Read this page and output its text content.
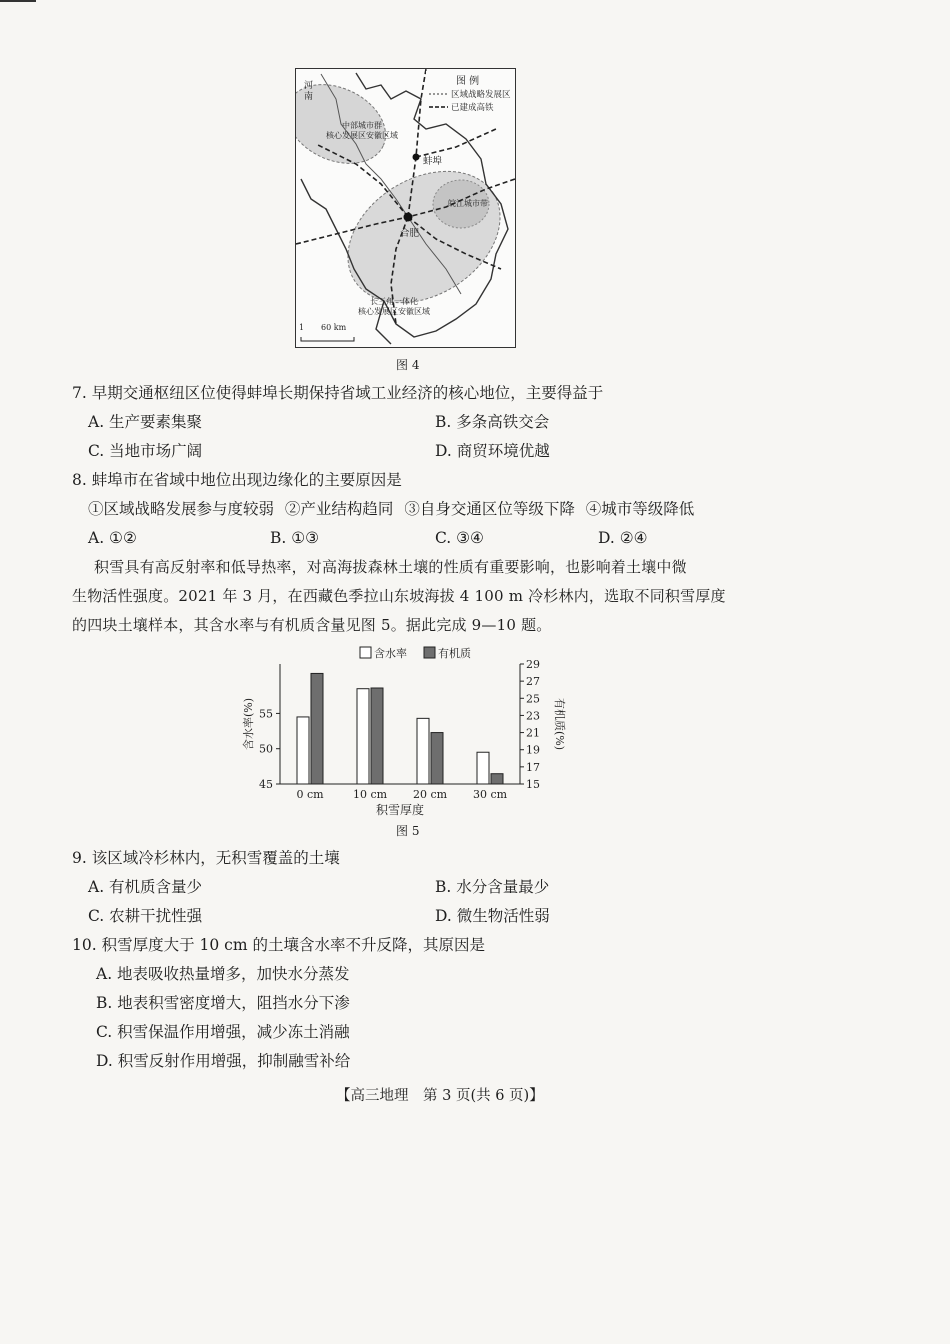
图 例
区域战略发展区
已建成高铁
河南
中部城市群
核心发展区安徽区域
蚌埠
皖江城市带
合肥
长三角一体化
核心发展区安徽区域
1 60 km
图 4
7. 早期交通枢纽区位使得蚌埠长期保持省域工业经济的核心地位，主要得益于
A. 生产要素集聚	B. 多条高铁交会
C. 当地市场广阔	D. 商贸环境优越
8. 蚌埠市在省域中地位出现边缘化的主要原因是
①区域战略发展参与度较弱 ②产业结构趋同 ③自身交通区位等级下降 ④城市等级降低
A. ①②	B. ①③	C. ③④	D. ②④
积雪具有高反射率和低导热率，对高海拔森林土壤的性质有重要影响，也影响着土壤中微
生物活性强度。2021 年 3 月，在西藏色季拉山东坡海拔 4 100 m 冷杉林内，选取不同积雪厚度
的四块土壤样本，其含水率与有机质含量见图 5。据此完成 9—10 题。
45
50
55
15
17
19
21
23
25
27
29
0 cm	10 cm 20 cm 30 cm
积雪厚度
含水率(%)	有机质(%)
含水率	有机质
图 5
9. 该区域冷杉林内，无积雪覆盖的土壤
A. 有机质含量少	B. 水分含量最少
C. 农耕干扰性强	D. 微生物活性弱
10. 积雪厚度大于 10 cm 的土壤含水率不升反降，其原因是
A. 地表吸收热量增多，加快水分蒸发
B. 地表积雪密度增大，阻挡水分下渗
C. 积雪保温作用增强，减少冻土消融
D. 积雪反射作用增强，抑制融雪补给
【高三地理　第 3 页(共 6 页)】
